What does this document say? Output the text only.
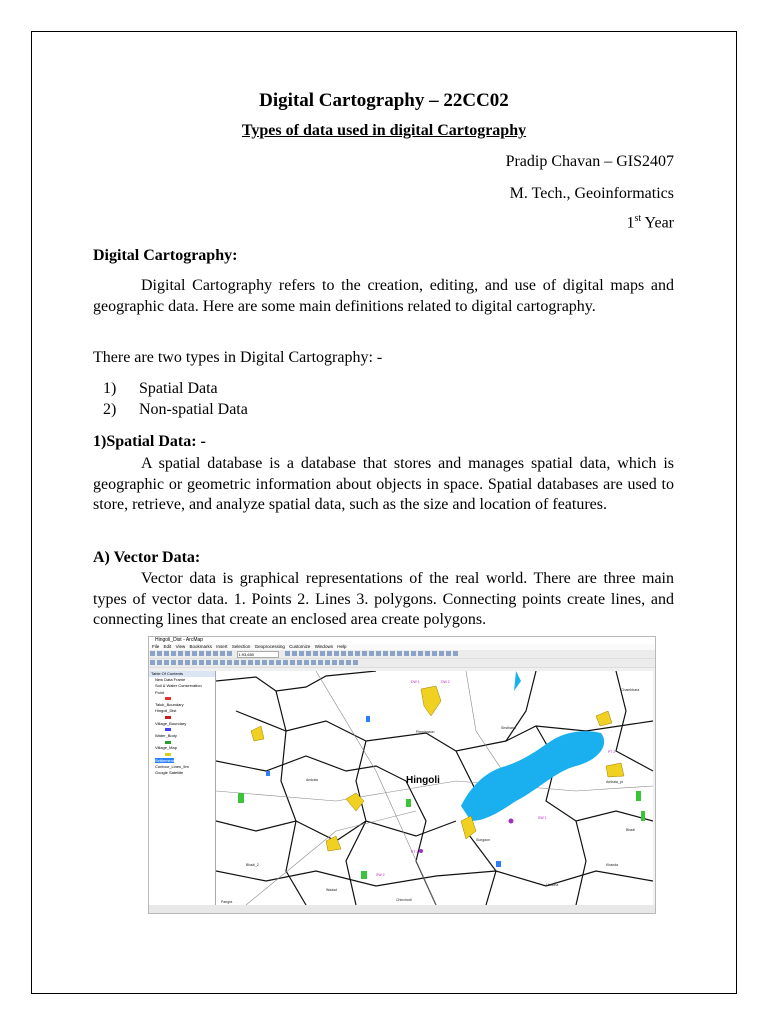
Digital Cartography – 22CC02
Types of data used in digital Cartography
Pradip Chavan – GIS2407
M. Tech., Geoinformatics
1st Year
Digital Cartography:
Digital Cartography refers to the creation, editing, and use of digital maps and geographic data. Here are some main definitions related to digital cartography.
There are two types in Digital Cartography: -
1) Spatial Data
2) Non-spatial Data
1)Spatial Data: -
A spatial database is a database that stores and manages spatial data, which is geographic or geometric information about objects in space. Spatial databases are used to store, retrieve, and analyze spatial data, such as the size and location of features.
A) Vector Data:
Vector data is graphical representations of the real world. There are three main types of vector data. 1. Points 2. Lines 3. polygons. Connecting points create lines, and connecting lines that create an enclosed area create polygons.
Hingoli_Dist - ArcMap
File Edit View Bookmarks Insert Selection Geoprocessing Customize Windows Help
1:93,650
Table Of Contents
New Data Frame
Soil & Water Conservation
Point

Taluk_Boundary
Hingoli_Dist

Village_Boundary

Water_Body

Village_Map

Settlement
Contour_Lines_5m
Google Satellite
Hingoli
Pimplagaon
Sirsthana
Chambhara
Ambala	Ambala_pt
Bhadi
Khanda
Sungaon
Chinchodi
Wadad
Bhadi_2
Pangra
Undona
DW 1	DW 2
PT 1
PT 2
SW 1
SW 2
